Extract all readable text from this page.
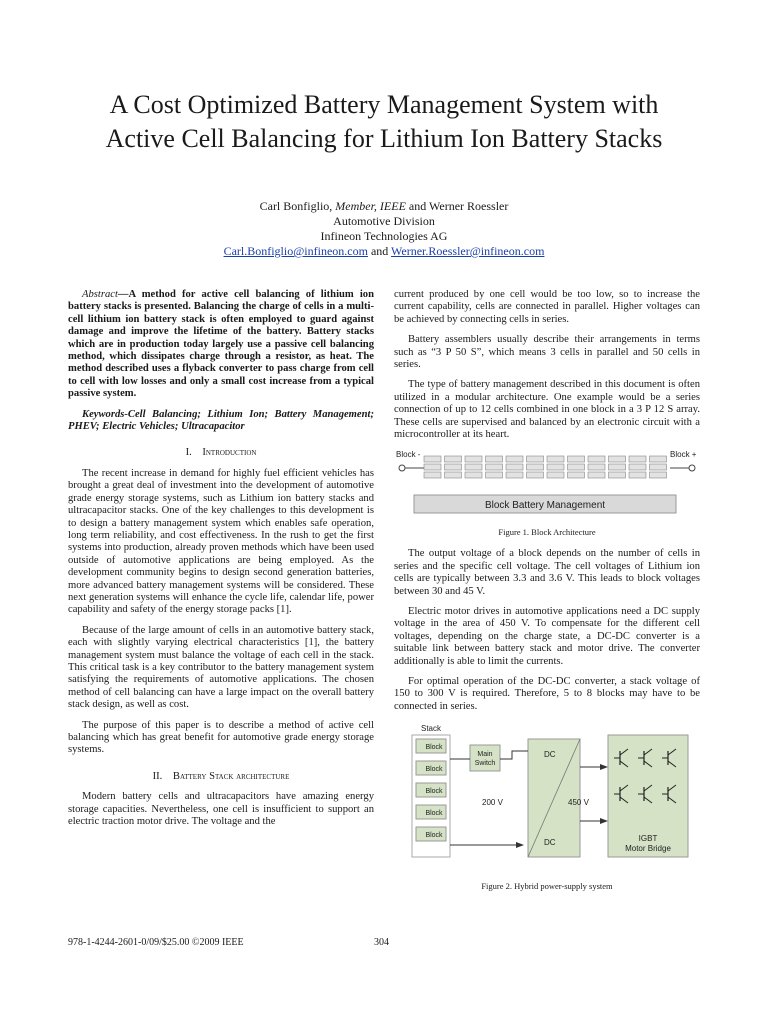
A Cost Optimized Battery Management System with
Active Cell Balancing for Lithium Ion Battery Stacks
Carl Bonfiglio, Member, IEEE and Werner Roessler
Automotive Division
Infineon Technologies AG
Carl.Bonfiglio@infineon.com and Werner.Roessler@infineon.com

Abstract—A method for active cell balancing of lithium ion battery stacks is presented. Balancing the charge of cells in a multi-cell lithium ion battery stack is often employed to guard against damage and improve the lifetime of the battery. Battery stacks which are in production today largely use a passive cell balancing method, which dissipates charge through a resistor, as heat. The method described uses a flyback converter to pass charge from cell to cell with low losses and only a small cost increase from a typical passive system.

Keywords-Cell Balancing; Lithium Ion; Battery Management; PHEV; Electric Vehicles; Ultracapacitor

I. Introduction

The recent increase in demand for highly fuel efficient vehicles has brought a great deal of investment into the development of automotive grade energy storage systems, such as Lithium ion battery stacks and ultracapacitor stacks. One of the key challenges to this development is to design a battery management system which enables safe operation, long term reliability, and cost effectiveness. In the rush to get the first systems into production, already proven methods which have been used outside of automotive applications are being employed. As the development community begins to design second generation batteries, more advanced battery management systems will be considered. These next generation systems will enhance the cycle life, calendar life, power capability and safety of the energy storage packs [1].

Because of the large amount of cells in an automotive battery stack, each with slightly varying electrical characteristics [1], the battery management system must balance the voltage of each cell in the stack. This critical task is a key contributor to the battery management system satisfying the requirements of automotive applications. The chosen method of cell balancing can have a large impact on the overall battery stack design, as well as cost.

The purpose of this paper is to describe a method of active cell balancing which has great benefit for automotive grade energy storage systems.

II. Battery Stack architecture

Modern battery cells and ultracapacitors have amazing energy storage capacities. Nevertheless, one cell is insufficient to support an electric traction motor drive. The voltage and the

current produced by one cell would be too low, so to increase the current capability, cells are connected in parallel. Higher voltages can be achieved by connecting cells in series.

Battery assemblers usually describe their arrangements in terms such as “3 P 50 S”, which means 3 cells in parallel and 50 cells in series.

The type of battery management described in this document is often utilized in a modular architecture. One example would be a series connection of up to 12 cells combined in one block in a 3 P 12 S array. These cells are supervised and balanced by an electronic circuit with a microcontroller at its heart.

Block Battery Management
Block -	Block +
Figure 1. Block Architecture

The output voltage of a block depends on the number of cells in series and the specific cell voltage. The cell voltages of Lithium ion cells are typically between 3.3 and 3.6 V. This leads to block voltages between 30 and 45 V.

Electric motor drives in automotive applications need a DC supply voltage in the area of 450 V. To compensate for the different cell voltages, depending on the charge state, a DC-DC converter is a suitable link between battery stack and motor drive. The converter additionally is able to limit the currents.

For optimal operation of the DC-DC converter, a stack voltage of 150 to 300 V is required. Therefore, 5 to 8 blocks may have to be connected in series.

Stack
Block
Block
Block
Block
Block
Main
Switch
DC
DC	IGBT
Motor Bridge
200 V	450 V
Figure 2. Hybrid power-supply system
978-1-4244-2601-0/09/$25.00 ©2009 IEEE	304
